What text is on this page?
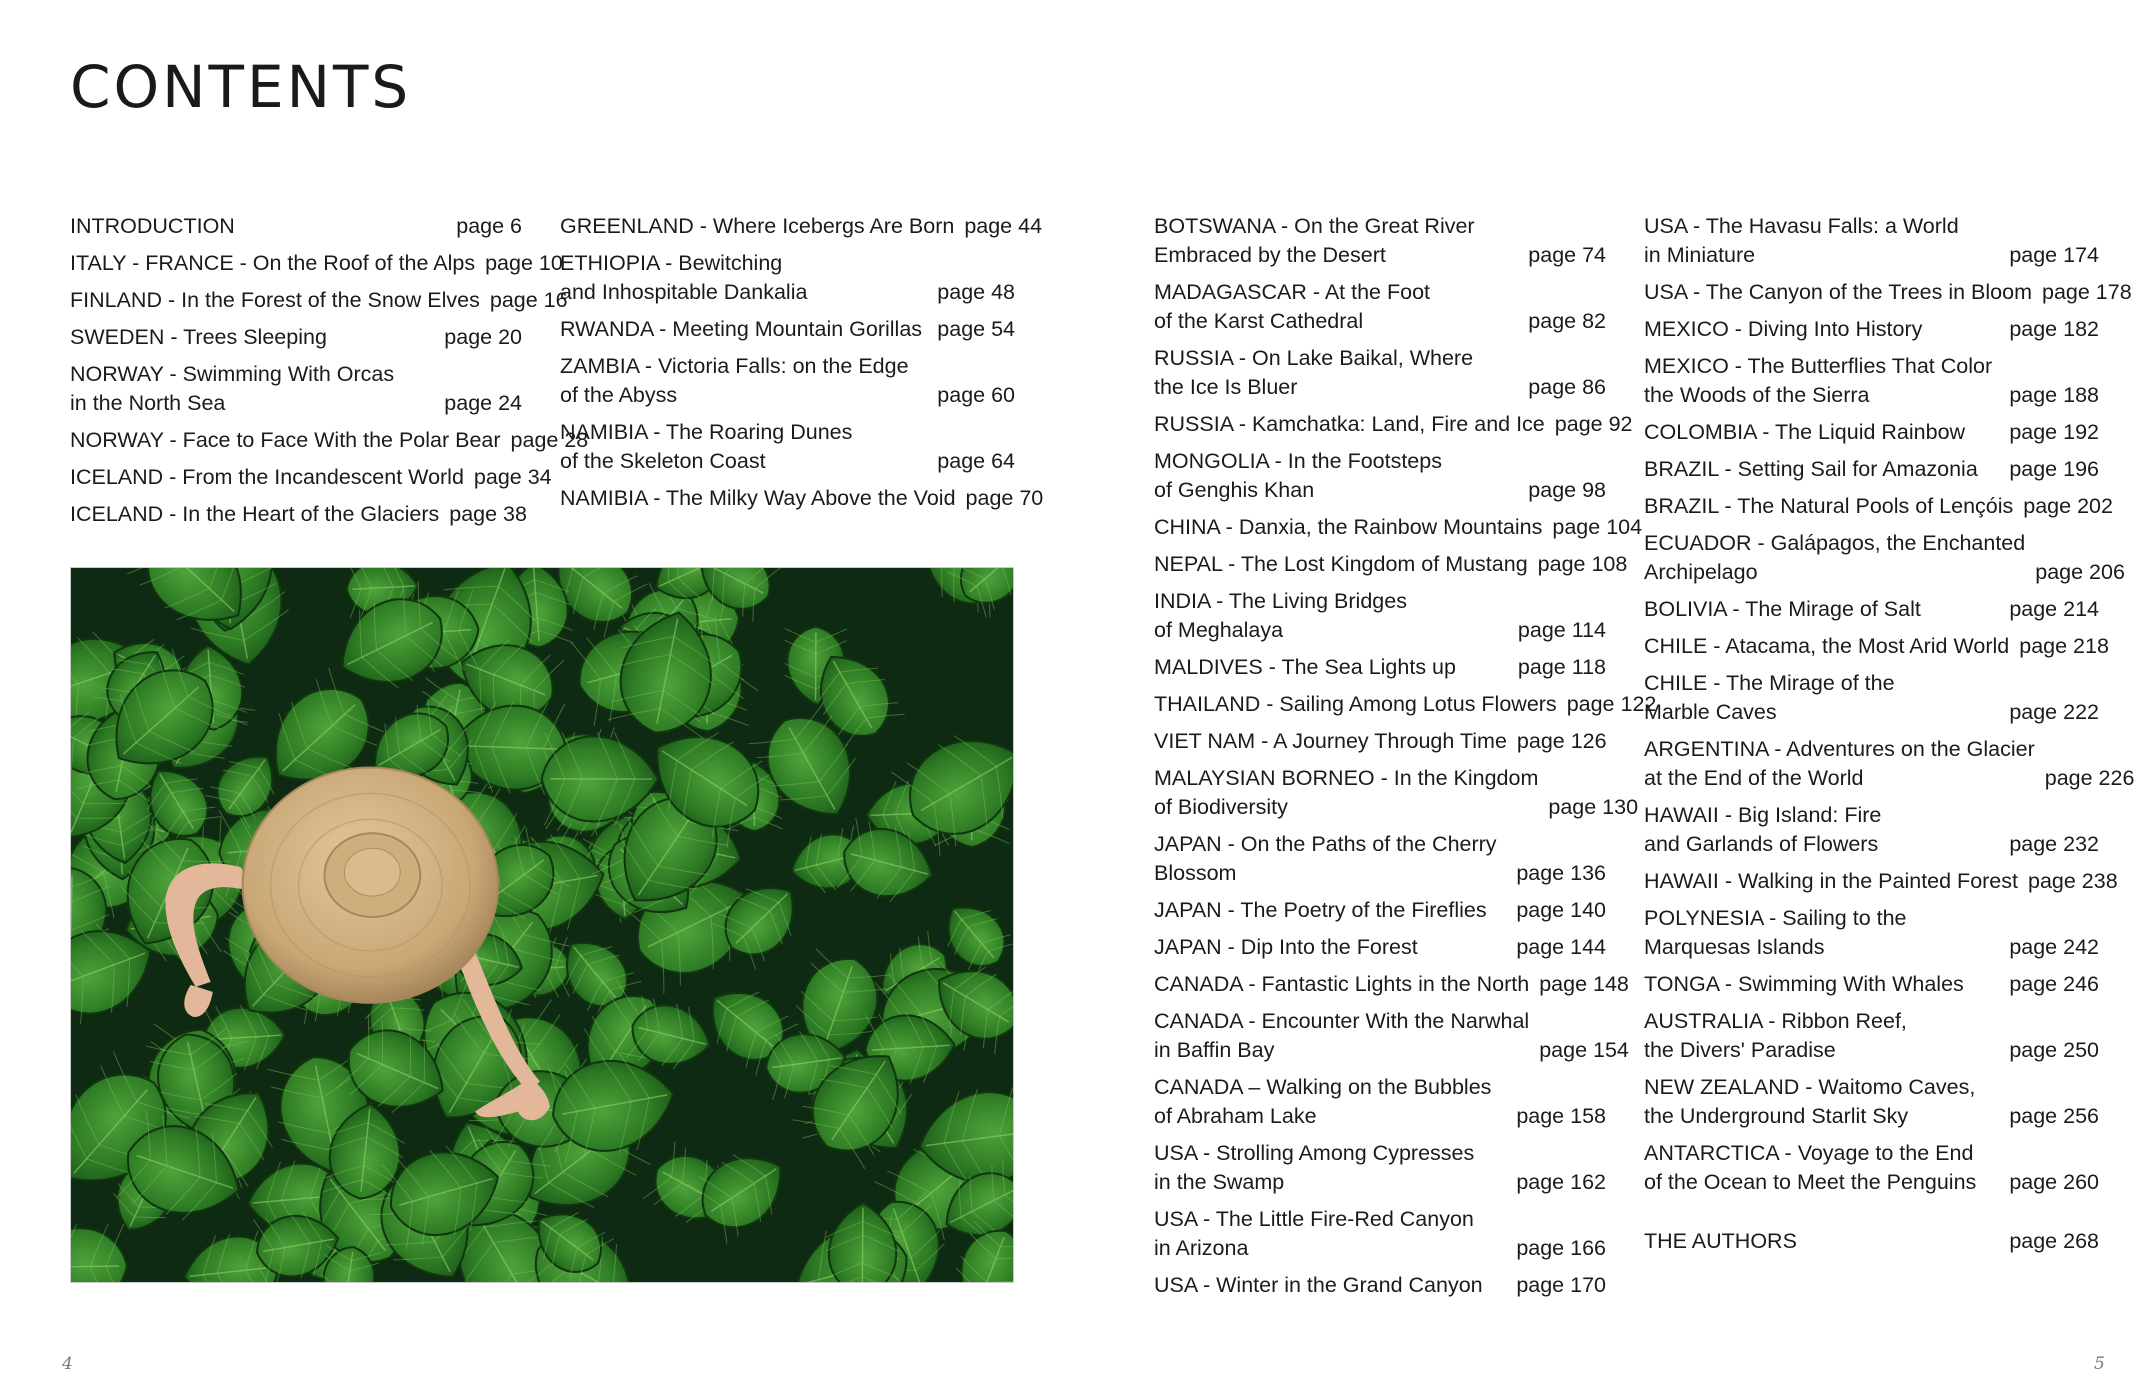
CONTENTS
INTRODUCTION	page 6
ITALY - FRANCE - On the Roof of the Alps page 10
FINLAND - In the Forest of the Snow Elves page 16
SWEDEN - Trees Sleeping	page 20
NORWAY - Swimming With Orcas
in the North Sea	page 24
NORWAY - Face to Face With the Polar Bear page 28
ICELAND - From the Incandescent World page 34
ICELAND - In the Heart of the Glaciers page 38
GREENLAND - Where Icebergs Are Born page 44
ETHIOPIA - Bewitching
and Inhospitable Dankalia	page 48
RWANDA - Meeting Mountain Gorillas page 54
ZAMBIA - Victoria Falls: on the Edge
of the Abyss	page 60
NAMIBIA - The Roaring Dunes
of the Skeleton Coast	page 64
NAMIBIA - The Milky Way Above the Void page 70
BOTSWANA - On the Great River
Embraced by the Desert	page 74
MADAGASCAR - At the Foot
of the Karst Cathedral	page 82
RUSSIA - On Lake Baikal, Where
the Ice Is Bluer	page 86
RUSSIA - Kamchatka: Land, Fire and Ice page 92
MONGOLIA - In the Footsteps
of Genghis Khan	page 98
CHINA - Danxia, the Rainbow Mountains page 104
NEPAL - The Lost Kingdom of Mustang page 108
INDIA - The Living Bridges
of Meghalaya	page 114
MALDIVES - The Sea Lights up	page 118
THAILAND - Sailing Among Lotus Flowers page 122
VIET NAM - A Journey Through Time page 126
MALAYSIAN BORNEO - In the Kingdom
of Biodiversity	page 130
JAPAN - On the Paths of the Cherry
Blossom	page 136
JAPAN - The Poetry of the Fireflies	page 140
JAPAN - Dip Into the Forest	page 144
CANADA - Fantastic Lights in the North page 148
CANADA - Encounter With the Narwhal
in Baffin Bay	page 154
CANADA – Walking on the Bubbles
of Abraham Lake	page 158
USA - Strolling Among Cypresses
in the Swamp	page 162
USA - The Little Fire-Red Canyon
in Arizona	page 166
USA - Winter in the Grand Canyon	page 170
USA - The Havasu Falls: a World
in Miniature	page 174
USA - The Canyon of the Trees in Bloom page 178
MEXICO - Diving Into History	page 182
MEXICO - The Butterflies That Color
the Woods of the Sierra	page 188
COLOMBIA - The Liquid Rainbow	page 192
BRAZIL - Setting Sail for Amazonia	page 196
BRAZIL - The Natural Pools of Lençóis page 202
ECUADOR - Galápagos, the Enchanted
Archipelago	page 206
BOLIVIA - The Mirage of Salt	page 214
CHILE - Atacama, the Most Arid World page 218
CHILE - The Mirage of the
Marble Caves	page 222
ARGENTINA - Adventures on the Glacier
at the End of the World	page 226
HAWAII - Big Island: Fire
and Garlands of Flowers	page 232
HAWAII - Walking in the Painted Forest page 238
POLYNESIA - Sailing to the
Marquesas Islands	page 242
TONGA - Swimming With Whales	page 246
AUSTRALIA - Ribbon Reef,
the Divers' Paradise	page 250
NEW ZEALAND - Waitomo Caves,
the Underground Starlit Sky	page 256
ANTARCTICA - Voyage to the End
of the Ocean to Meet the Penguins	page 260
THE AUTHORS	page 268
4	5
